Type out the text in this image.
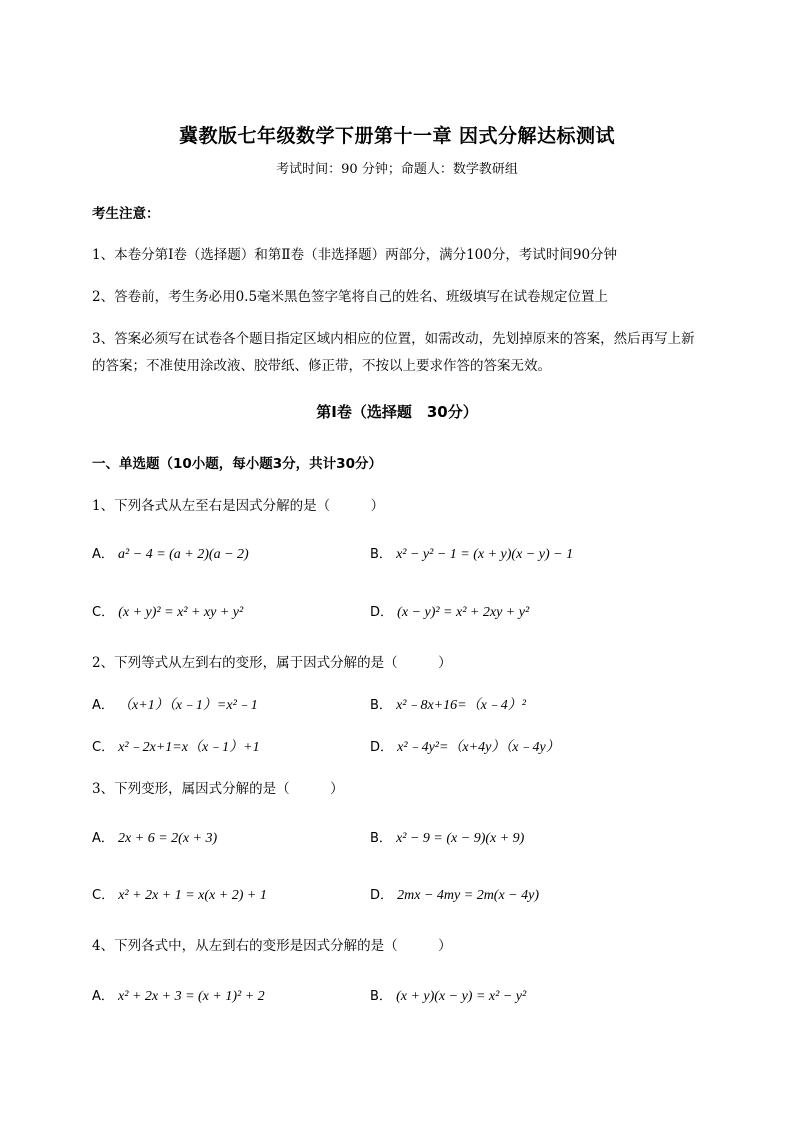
冀教版七年级数学下册第十一章 因式分解达标测试
考试时间：90 分钟；命题人：数学教研组
考生注意：
1、本卷分第Ⅰ卷（选择题）和第Ⅱ卷（非选择题）两部分，满分100分，考试时间90分钟
2、答卷前，考生务必用0.5毫米黑色签字笔将自己的姓名、班级填写在试卷规定位置上
3、答案必须写在试卷各个题目指定区域内相应的位置，如需改动，先划掉原来的答案，然后再写上新
的答案；不准使用涂改液、胶带纸、修正带，不按以上要求作答的答案无效。
第Ⅰ卷（选择题　30分）
一、单选题（10小题，每小题3分，共计30分）
1、下列各式从左至右是因式分解的是（　　　）
A． a² − 4 = (a + 2)(a − 2)	B． x² − y² − 1 = (x + y)(x − y) − 1
C． (x + y)² = x² + xy + y²	D． (x − y)² = x² + 2xy + y²
2、下列等式从左到右的变形，属于因式分解的是（　　　）
A． （x+1）（x﹣1）=x²﹣1	B． x²﹣8x+16=（x﹣4）²
C． x²﹣2x+1=x（x﹣1）+1	D． x²﹣4y²=（x+4y）（x﹣4y）
3、下列变形，属因式分解的是（　　　）
A． 2x + 6 = 2(x + 3)	B． x² − 9 = (x − 9)(x + 9)
C． x² + 2x + 1 = x(x + 2) + 1	D． 2mx − 4my = 2m(x − 4y)
4、下列各式中，从左到右的变形是因式分解的是（　　　）
A． x² + 2x + 3 = (x + 1)² + 2	B． (x + y)(x − y) = x² − y²
